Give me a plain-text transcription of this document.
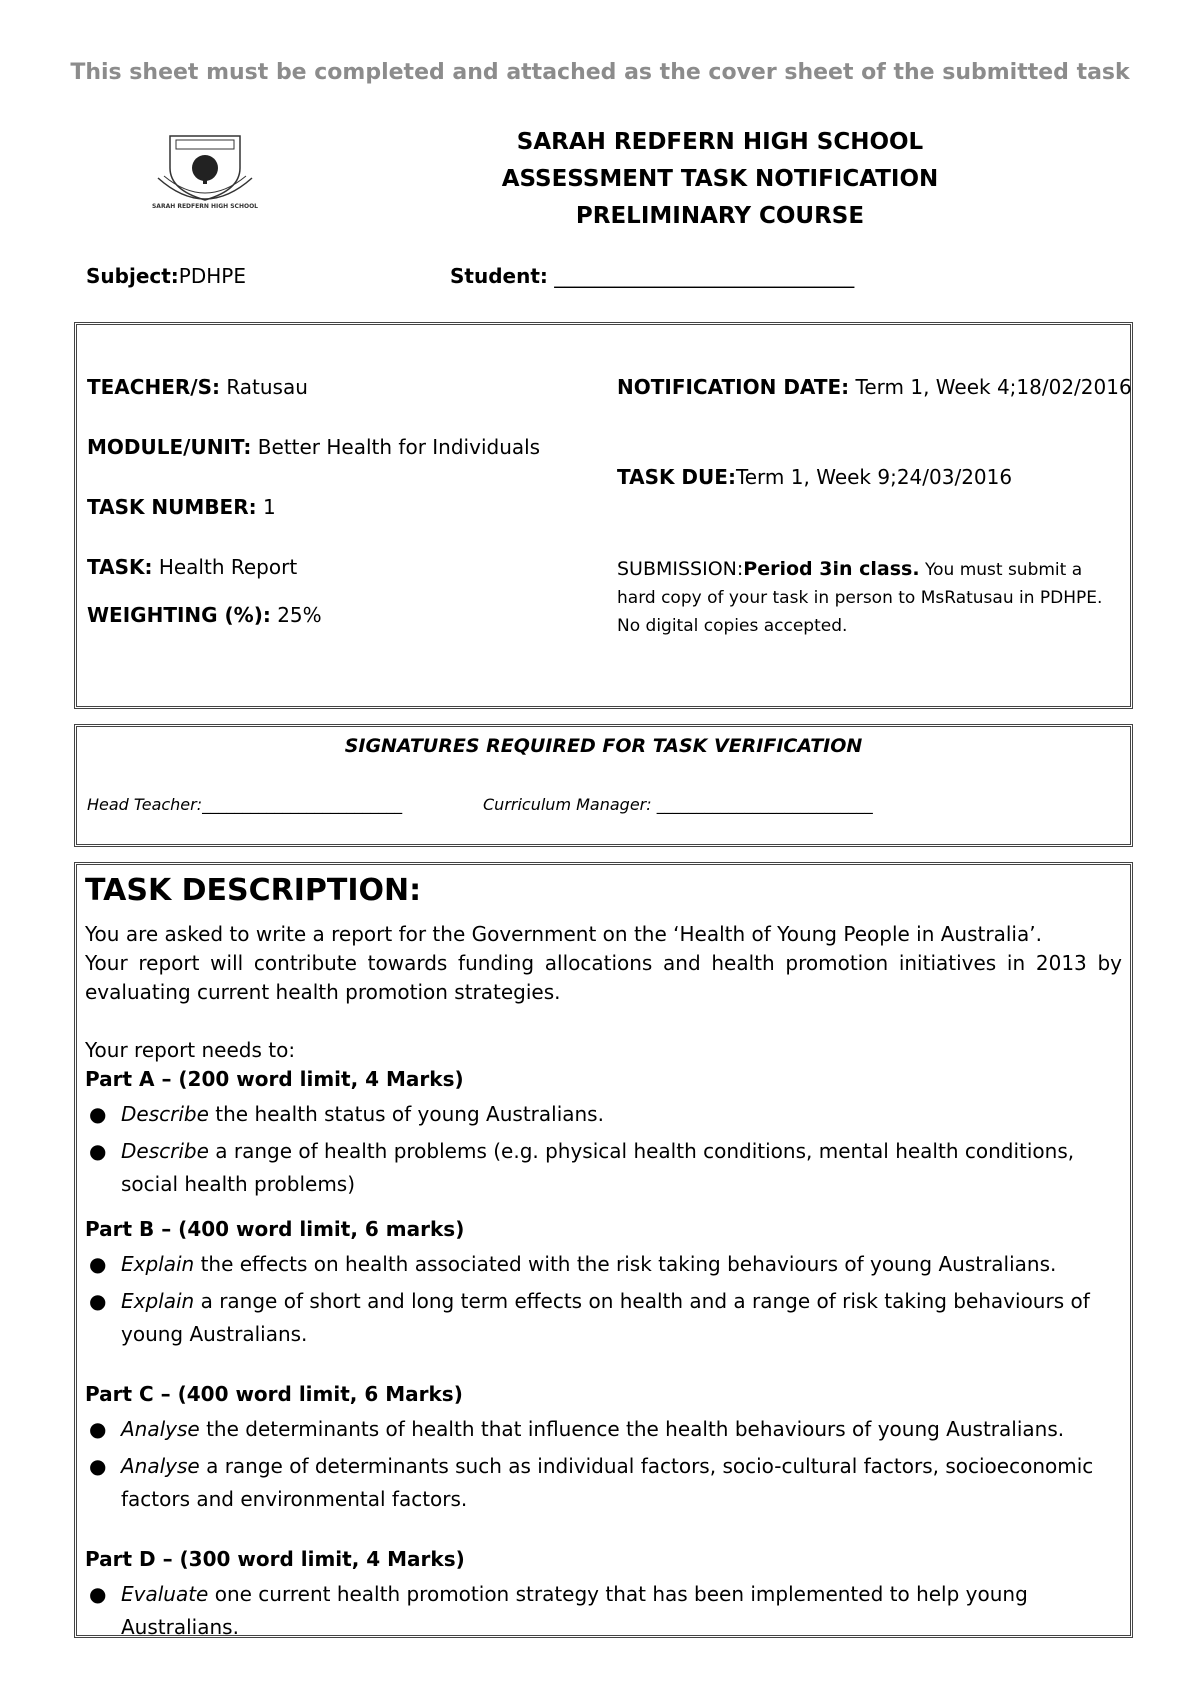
This sheet must be completed and attached as the cover sheet of the submitted task
SARAH REDFERN HIGH SCHOOL
SARAH REDFERN HIGH SCHOOL
ASSESSMENT TASK NOTIFICATION
PRELIMINARY COURSE
Subject:PDHPE	Student: ______________________________
TEACHER/S: Ratusau
MODULE/UNIT: Better Health for Individuals
TASK NUMBER: 1
TASK: Health Report
WEIGHTING (%): 25%
NOTIFICATION DATE: Term 1, Week 4;18/02/2016
TASK DUE:Term 1, Week 9;24/03/2016
SUBMISSION:Period 3in class. You must submit a hard copy of your task in person to MsRatusau in PDHPE. No digital copies accepted.
SIGNATURES REQUIRED FOR TASK VERIFICATION
Head Teacher:_________________________	Curriculum Manager: ___________________________
TASK DESCRIPTION:
You are asked to write a report for the Government on the ‘Health of Young People in Australia’.
Your report will contribute towards funding allocations and health promotion initiatives in 2013 by evaluating current health promotion strategies.
Your report needs to:
Part A – (200 word limit, 4 Marks)
● Describe the health status of young Australians.
● Describe a range of health problems (e.g. physical health conditions, mental health conditions, social health problems)
Part B – (400 word limit, 6 marks)
● Explain the effects on health associated with the risk taking behaviours of young Australians.
● Explain a range of short and long term effects on health and a range of risk taking behaviours of young Australians.
Part C – (400 word limit, 6 Marks)
● Analyse the determinants of health that influence the health behaviours of young Australians.
● Analyse a range of determinants such as individual factors, socio-cultural factors, socioeconomic factors and environmental factors.
Part D – (300 word limit, 4 Marks)
● Evaluate one current health promotion strategy that has been implemented to help young Australians.
